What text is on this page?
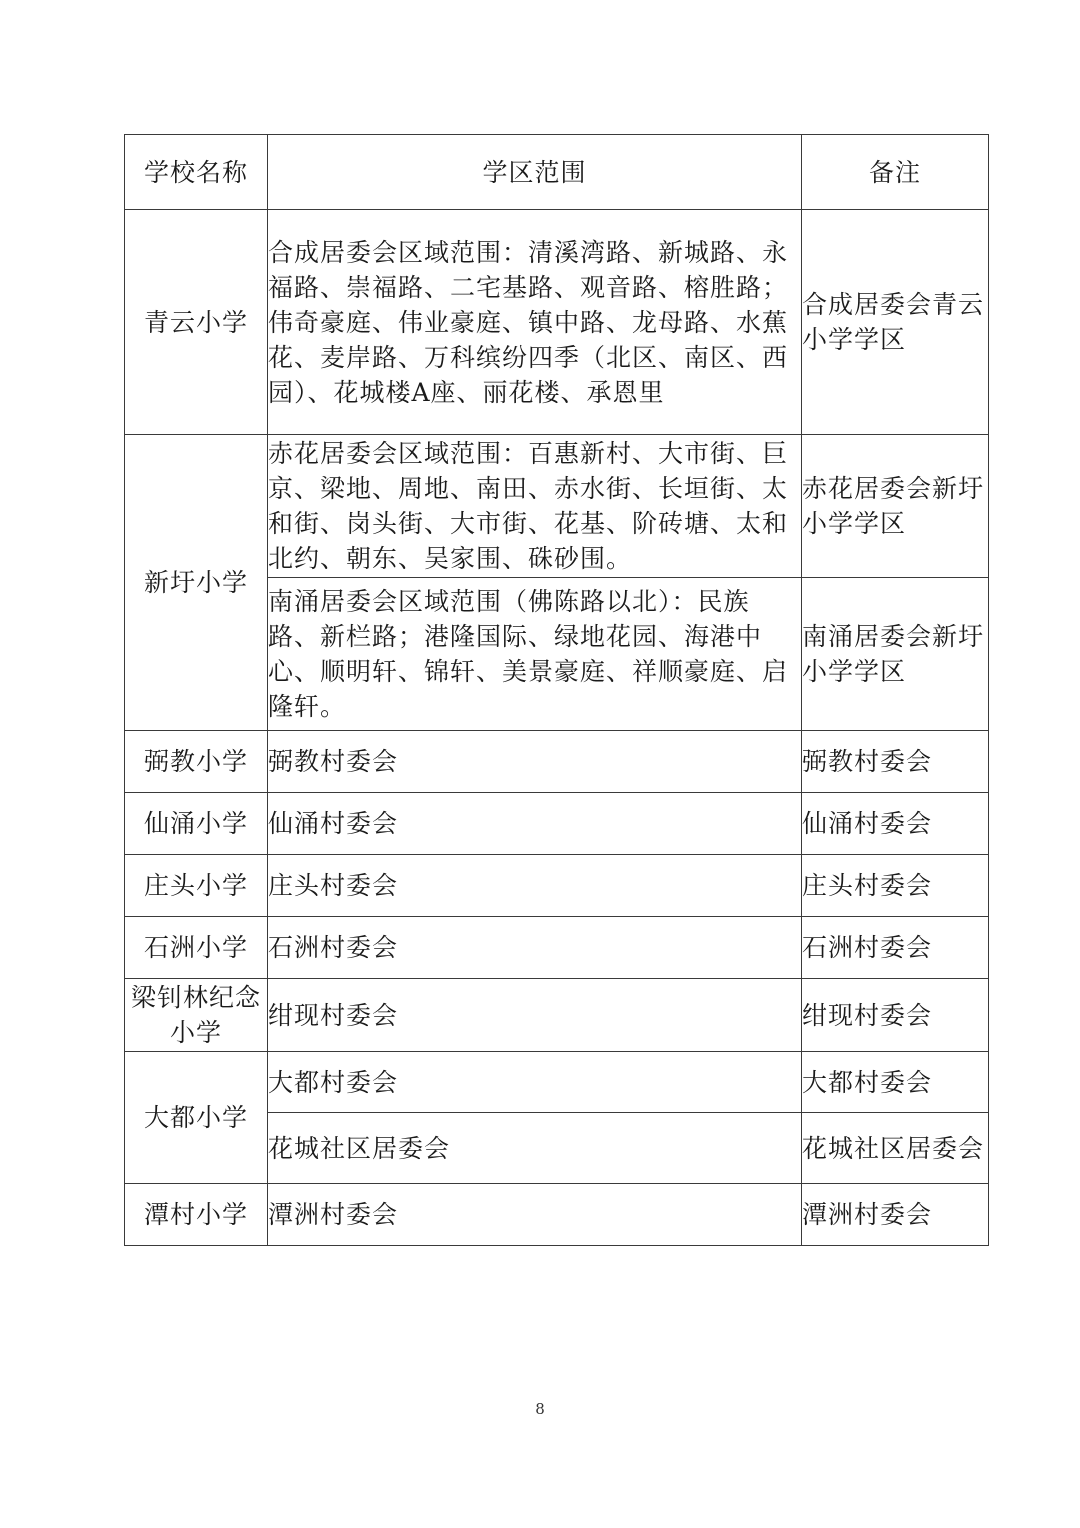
学校名称	学区范围	备注
青云小学	合成居委会区域范围：清溪湾路、新城路、永福路、崇福路、二宅基路、观音路、榕胜路；伟奇豪庭、伟业豪庭、镇中路、龙母路、水蕉花、麦岸路、万科缤纷四季（北区、南区、西园）、花城楼A座、丽花楼、承恩里	合成居委会青云小学学区
新圩小学	赤花居委会区域范围：百惠新村、大市街、巨京、梁地、周地、南田、赤水街、长垣街、太和街、岗头街、大市街、花基、阶砖塘、太和北约、朝东、吴家围、硃砂围。	赤花居委会新圩小学学区
	南涌居委会区域范围（佛陈路以北）：民族路、新栏路；港隆国际、绿地花园、海港中心、顺明轩、锦轩、美景豪庭、祥顺豪庭、启隆轩。	南涌居委会新圩小学学区
弼教小学	弼教村委会	弼教村委会
仙涌小学	仙涌村委会	仙涌村委会
庄头小学	庄头村委会	庄头村委会
石洲小学	石洲村委会	石洲村委会
梁钊林纪念小学	绀现村委会	绀现村委会
大都小学	大都村委会	大都村委会
	花城社区居委会	花城社区居委会
潭村小学	潭洲村委会	潭洲村委会
8
